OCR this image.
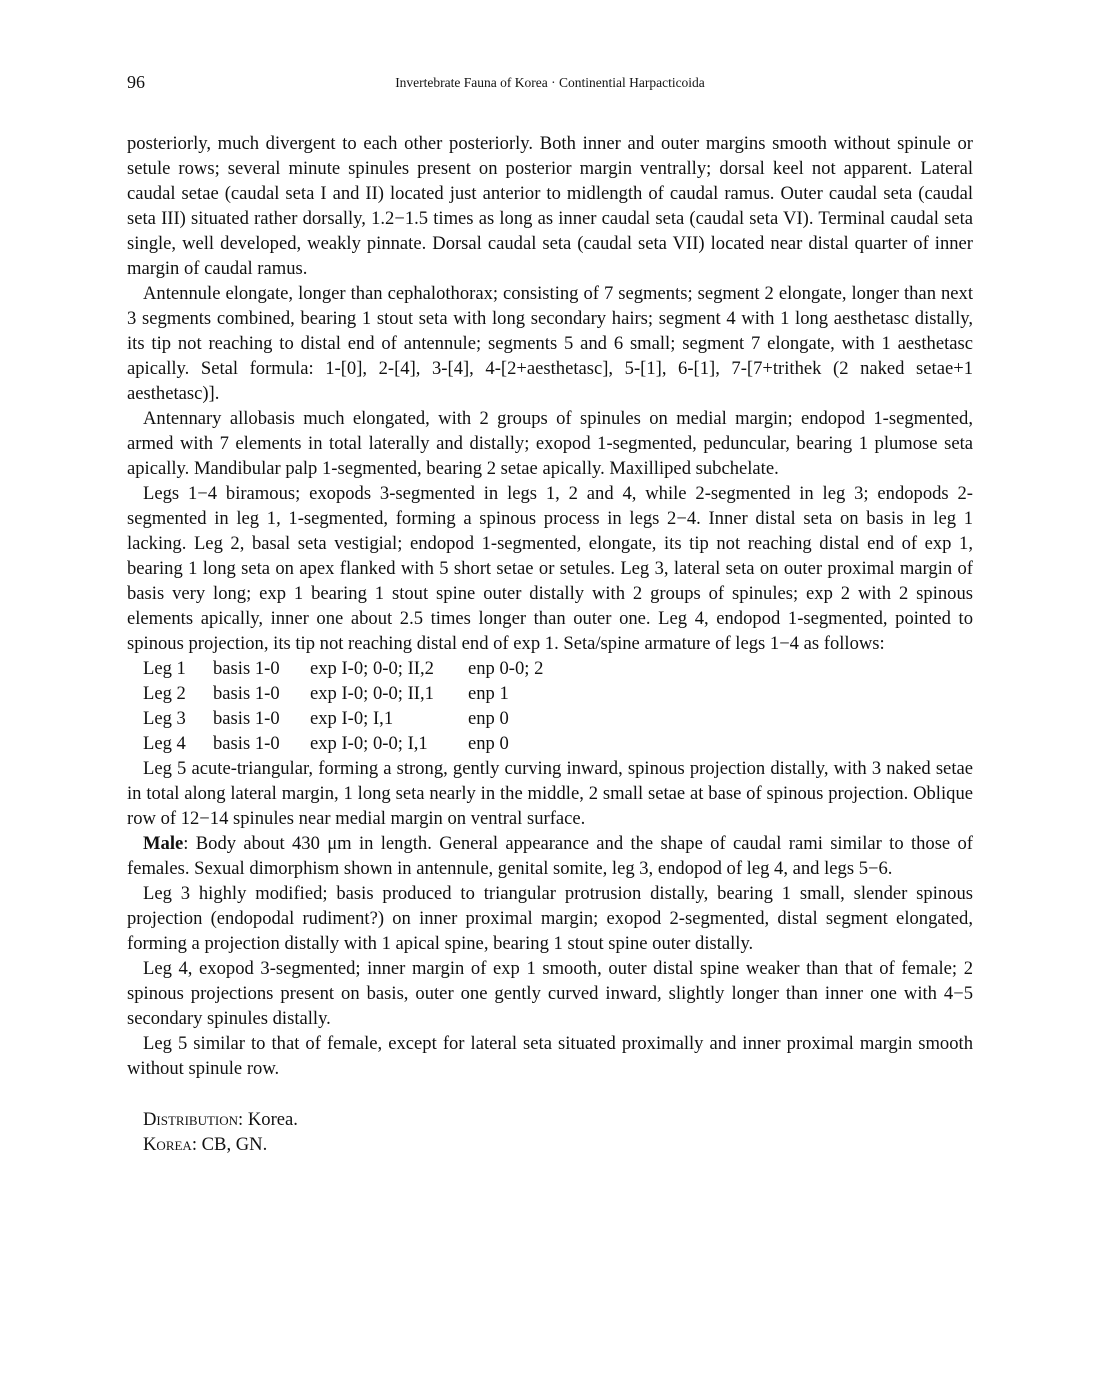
96	Invertebrate Fauna of Korea · Continential Harpacticoida

posteriorly, much divergent to each other posteriorly. Both inner and outer margins smooth without spinule or setule rows; several minute spinules present on posterior margin ventrally; dorsal keel not apparent. Lateral caudal setae (caudal seta I and II) located just anterior to midlength of caudal ramus. Outer caudal seta (caudal seta III) situated rather dorsally, 1.2−1.5 times as long as inner caudal seta (caudal seta VI). Terminal caudal seta single, well developed, weakly pinnate. Dorsal caudal seta (caudal seta VII) located near distal quarter of inner margin of caudal ramus.

Antennule elongate, longer than cephalothorax; consisting of 7 segments; segment 2 elongate, longer than next 3 segments combined, bearing 1 stout seta with long secondary hairs; segment 4 with 1 long aesthetasc distally, its tip not reaching to distal end of antennule; segments 5 and 6 small; segment 7 elongate, with 1 aesthetasc apically. Setal formula: 1-[0], 2-[4], 3-[4], 4-[2+aesthetasc], 5-[1], 6-[1], 7-[7+trithek (2 naked setae+1 aesthetasc)].

Antennary allobasis much elongated, with 2 groups of spinules on medial margin; endopod 1-segmented, armed with 7 elements in total laterally and distally; exopod 1-segmented, peduncular, bearing 1 plumose seta apically. Mandibular palp 1-segmented, bearing 2 setae apically. Maxilliped subchelate.

Legs 1−4 biramous; exopods 3-segmented in legs 1, 2 and 4, while 2-segmented in leg 3; endopods 2-segmented in leg 1, 1-segmented, forming a spinous process in legs 2−4. Inner distal seta on basis in leg 1 lacking. Leg 2, basal seta vestigial; endopod 1-segmented, elongate, its tip not reaching distal end of exp 1, bearing 1 long seta on apex flanked with 5 short setae or setules. Leg 3, lateral seta on outer proximal margin of basis very long; exp 1 bearing 1 stout spine outer distally with 2 groups of spinules; exp 2 with 2 spinous elements apically, inner one about 2.5 times longer than outer one. Leg 4, endopod 1-segmented, pointed to spinous projection, its tip not reaching distal end of exp 1. Seta/spine armature of legs 1−4 as follows:

Leg 1	basis 1-0	exp I-0; 0-0; II,2	enp 0-0; 2
Leg 2	basis 1-0	exp I-0; 0-0; II,1	enp 1
Leg 3	basis 1-0	exp I-0; I,1	enp 0
Leg 4	basis 1-0	exp I-0; 0-0; I,1	enp 0

Leg 5 acute-triangular, forming a strong, gently curving inward, spinous projection distally, with 3 naked setae in total along lateral margin, 1 long seta nearly in the middle, 2 small setae at base of spinous projection. Oblique row of 12−14 spinules near medial margin on ventral surface.

Male: Body about 430 μm in length. General appearance and the shape of caudal rami similar to those of females. Sexual dimorphism shown in antennule, genital somite, leg 3, endopod of leg 4, and legs 5−6.

Leg 3 highly modified; basis produced to triangular protrusion distally, bearing 1 small, slender spinous projection (endopodal rudiment?) on inner proximal margin; exopod 2-segmented, distal segment elongated, forming a projection distally with 1 apical spine, bearing 1 stout spine outer distally.

Leg 4, exopod 3-segmented; inner margin of exp 1 smooth, outer distal spine weaker than that of female; 2 spinous projections present on basis, outer one gently curved inward, slightly longer than inner one with 4−5 secondary spinules distally.

Leg 5 similar to that of female, except for lateral seta situated proximally and inner proximal margin smooth without spinule row.

Distribution: Korea.
Korea: CB, GN.
